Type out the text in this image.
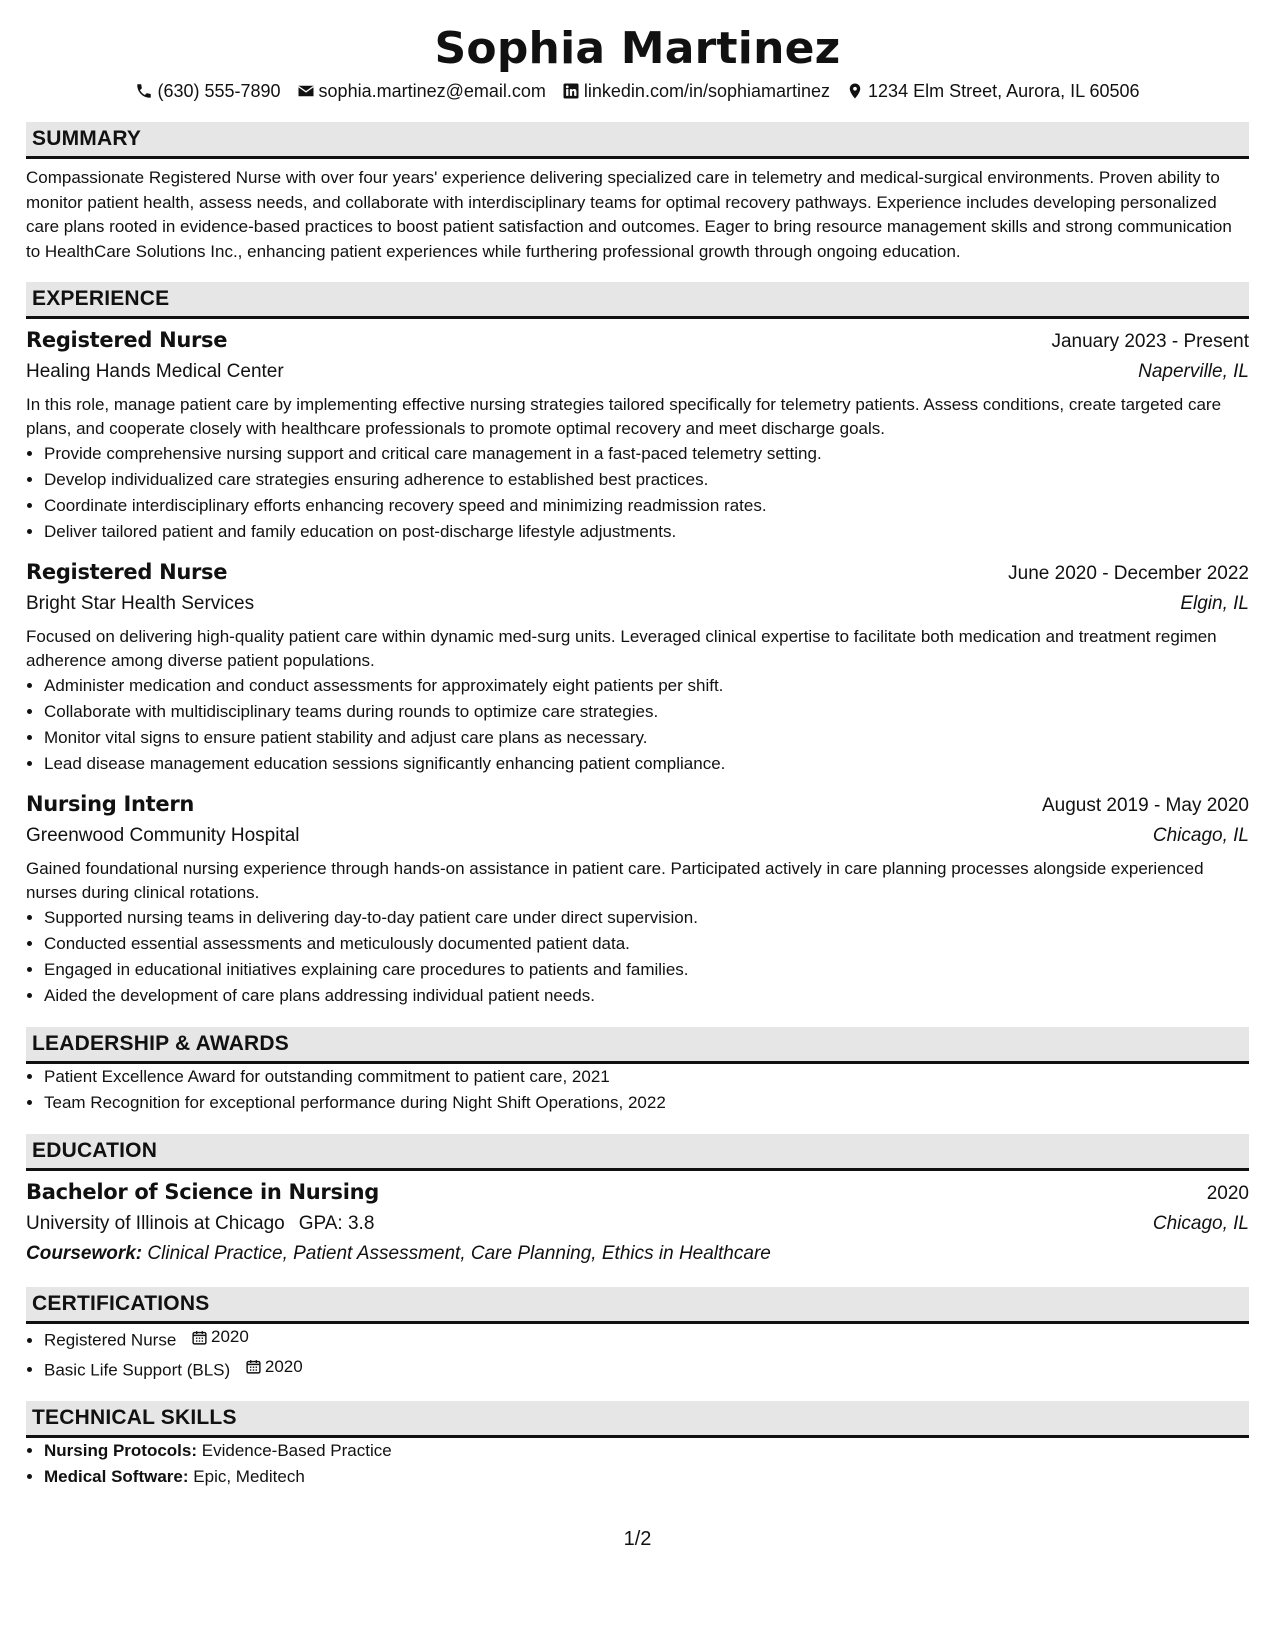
Sophia Martinez
(630) 555-7890 sophia.martinez@email.com linkedin.com/in/sophiamartinez 1234 Elm Street, Aurora, IL 60506
SUMMARY
Compassionate Registered Nurse with over four years' experience delivering specialized care in telemetry and medical-surgical environments. Proven ability to monitor patient health, assess needs, and collaborate with interdisciplinary teams for optimal recovery pathways. Experience includes developing personalized care plans rooted in evidence-based practices to boost patient satisfaction and outcomes. Eager to bring resource management skills and strong communication to HealthCare Solutions Inc., enhancing patient experiences while furthering professional growth through ongoing education.
EXPERIENCE
Registered Nurse	January 2023 - Present
Healing Hands Medical Center	Naperville, IL
In this role, manage patient care by implementing effective nursing strategies tailored specifically for telemetry patients. Assess conditions, create targeted care plans, and cooperate closely with healthcare professionals to promote optimal recovery and meet discharge goals.
• Provide comprehensive nursing support and critical care management in a fast-paced telemetry setting.
• Develop individualized care strategies ensuring adherence to established best practices.
• Coordinate interdisciplinary efforts enhancing recovery speed and minimizing readmission rates.
• Deliver tailored patient and family education on post-discharge lifestyle adjustments.
Registered Nurse	June 2020 - December 2022
Bright Star Health Services	Elgin, IL
Focused on delivering high-quality patient care within dynamic med-surg units. Leveraged clinical expertise to facilitate both medication and treatment regimen adherence among diverse patient populations.
• Administer medication and conduct assessments for approximately eight patients per shift.
• Collaborate with multidisciplinary teams during rounds to optimize care strategies.
• Monitor vital signs to ensure patient stability and adjust care plans as necessary.
• Lead disease management education sessions significantly enhancing patient compliance.
Nursing Intern	August 2019 - May 2020
Greenwood Community Hospital	Chicago, IL
Gained foundational nursing experience through hands-on assistance in patient care. Participated actively in care planning processes alongside experienced nurses during clinical rotations.
• Supported nursing teams in delivering day-to-day patient care under direct supervision.
• Conducted essential assessments and meticulously documented patient data.
• Engaged in educational initiatives explaining care procedures to patients and families.
• Aided the development of care plans addressing individual patient needs.
LEADERSHIP & AWARDS
• Patient Excellence Award for outstanding commitment to patient care, 2021
• Team Recognition for exceptional performance during Night Shift Operations, 2022
EDUCATION
Bachelor of Science in Nursing	2020
University of Illinois at Chicago GPA: 3.8	Chicago, IL
Coursework: Clinical Practice, Patient Assessment, Care Planning, Ethics in Healthcare
CERTIFICATIONS
• Registered Nurse 2020
• Basic Life Support (BLS) 2020
TECHNICAL SKILLS
• Nursing Protocols: Evidence-Based Practice
• Medical Software: Epic, Meditech
1/2
